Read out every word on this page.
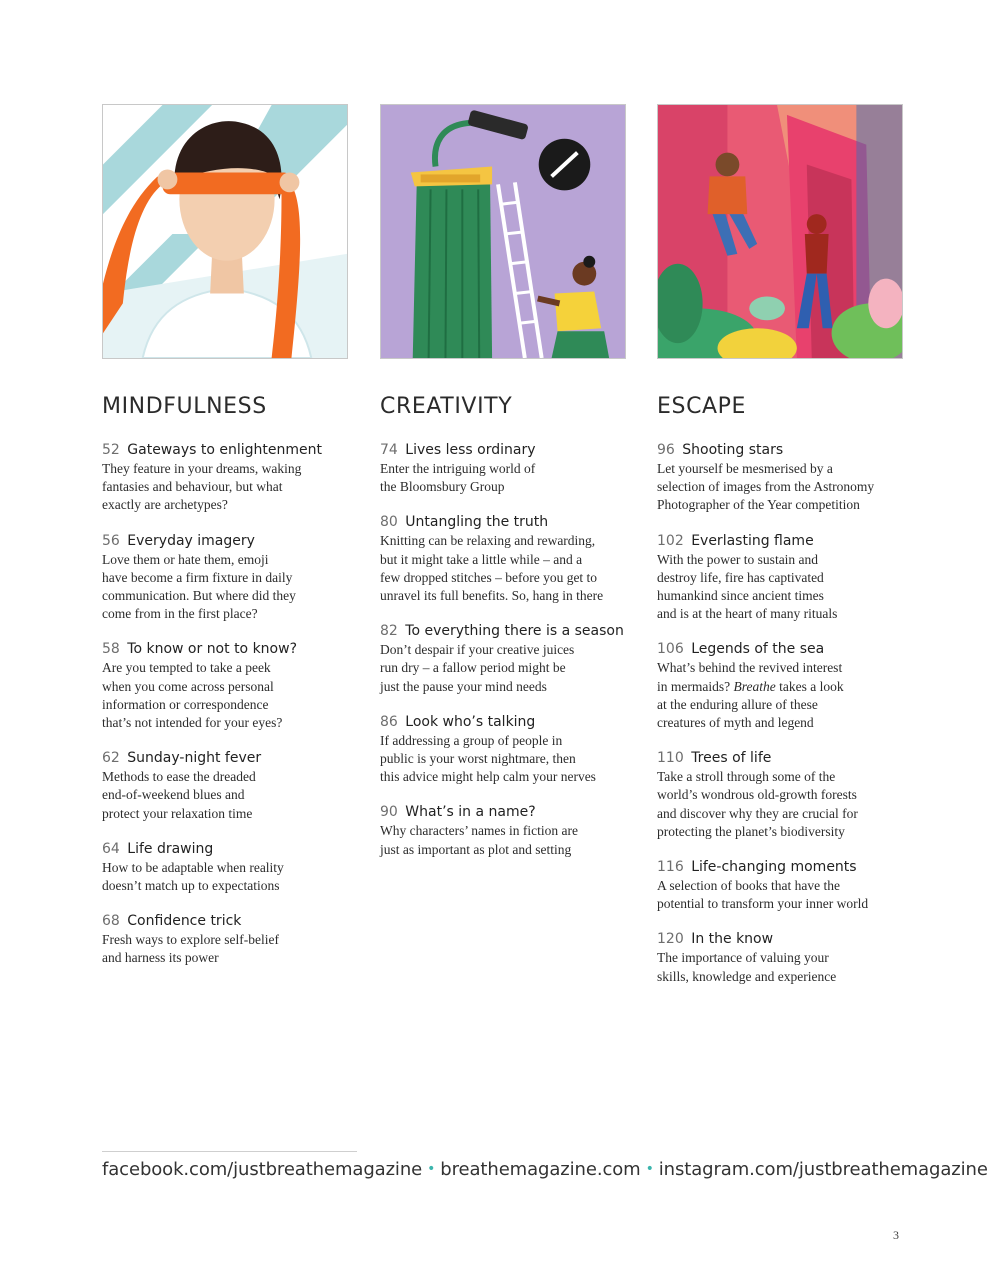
MINDFULNESS
52 Gateways to enlightenment
They feature in your dreams, waking
fantasies and behaviour, but what
exactly are archetypes?
56 Everyday imagery
Love them or hate them, emoji
have become a firm fixture in daily
communication. But where did they
come from in the first place?
58 To know or not to know?
Are you tempted to take a peek
when you come across personal
information or correspondence
that’s not intended for your eyes?
62 Sunday-night fever
Methods to ease the dreaded
end-of-weekend blues and
protect your relaxation time
64 Life drawing
How to be adaptable when reality
doesn’t match up to expectations
68 Confidence trick
Fresh ways to explore self-belief
and harness its power
CREATIVITY
74 Lives less ordinary
Enter the intriguing world of
the Bloomsbury Group
80 Untangling the truth
Knitting can be relaxing and rewarding,
but it might take a little while – and a
few dropped stitches – before you get to
unravel its full benefits. So, hang in there
82 To everything there is a season
Don’t despair if your creative juices
run dry – a fallow period might be
just the pause your mind needs
86 Look who’s talking
If addressing a group of people in
public is your worst nightmare, then
this advice might help calm your nerves
90 What’s in a name?
Why characters’ names in fiction are
just as important as plot and setting
ESCAPE
96 Shooting stars
Let yourself be mesmerised by a
selection of images from the Astronomy
Photographer of the Year competition
102 Everlasting flame
With the power to sustain and
destroy life, fire has captivated
humankind since ancient times
and is at the heart of many rituals
106 Legends of the sea
What’s behind the revived interest
in mermaids? Breathe takes a look
at the enduring allure of these
creatures of myth and legend
110 Trees of life
Take a stroll through some of the
world’s wondrous old-growth forests
and discover why they are crucial for
protecting the planet’s biodiversity
116 Life-changing moments
A selection of books that have the
potential to transform your inner world
120 In the know
The importance of valuing your
skills, knowledge and experience
facebook.com/justbreathemagazine • breathemagazine.com • instagram.com/justbreathemagazine
3
